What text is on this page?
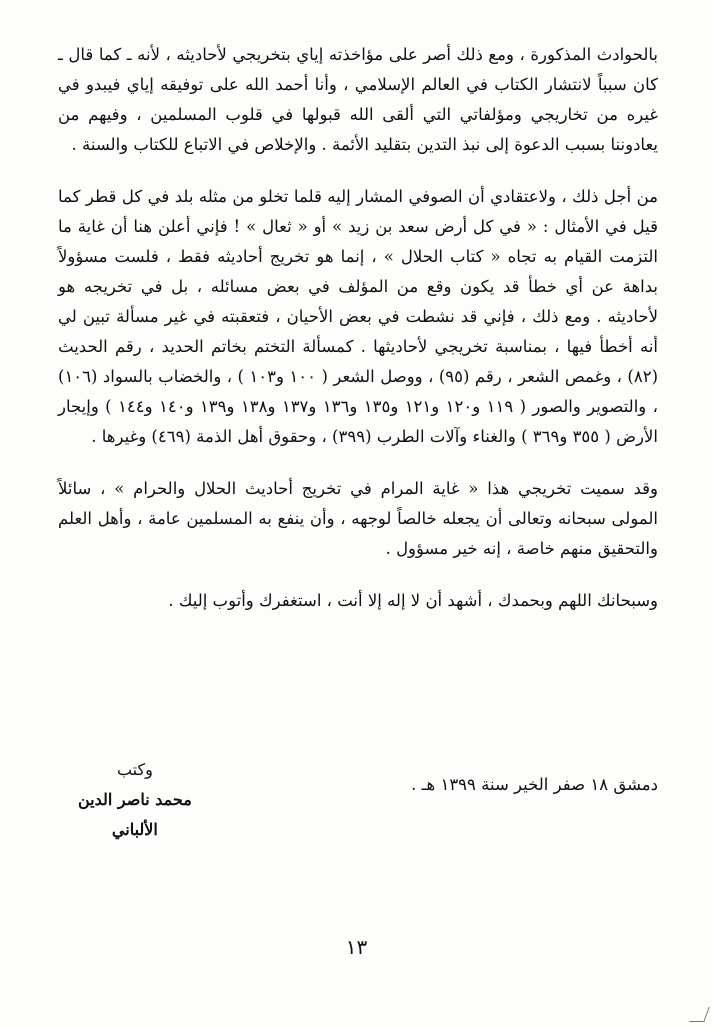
بالحوادث المذكورة ، ومع ذلك أصر على مؤاخذته إياي بتخريجي لأحاديثه ، لأنه ـ كما قال ـ كان سبباً لانتشار الكتاب في العالم الإسلامي ، وأنا أحمد الله على توفيقه إياي فيبدو في غيره من تخاريجي ومؤلفاتي التي ألقى الله قبولها في قلوب المسلمين ، وفيهم من يعادوننا بسبب الدعوة إلى نبذ التدين بتقليد الأئمة . والإخلاص في الاتباع للكتاب والسنة .

من أجل ذلك ، ولاعتقادي أن الصوفي المشار إليه قلما تخلو من مثله بلد في كل قطر كما قيل في الأمثال : « في كل أرض سعد بن زيد » أو « ثعال » ! فإني أعلن هنا أن غاية ما التزمت القيام به تجاه « كتاب الحلال » ، إنما هو تخريج أحاديثه فقط ، فلست مسؤولاً بداهة عن أي خطأ قد يكون وقع من المؤلف في بعض مسائله ، بل في تخريجه هو لأحاديثه . ومع ذلك ، فإني قد نشطت في بعض الأحيان ، فتعقبته في غير مسألة تبين لي أنه أخطأ فيها ، بمناسبة تخريجي لأحاديثها . كمسألة التختم بخاتم الحديد ، رقم الحديث (٨٢) ، وغمص الشعر ، رقم (٩٥) ، ووصل الشعر ( ١٠٠ و١٠٣ ) ، والخضاب بالسواد (١٠٦) ، والتصوير والصور ( ١١٩ و١٢٠ و١٢١ و١٣٥ و١٣٦ و١٣٧ و١٣٨ و١٣٩ و١٤٠ و١٤٤ ) وإيجار الأرض ( ٣٥٥ و٣٦٩ ) والغناء وآلات الطرب (٣٩٩) ، وحقوق أهل الذمة (٤٦٩) وغيرها .

وقد سميت تخريجي هذا « غاية المرام في تخريج أحاديث الحلال والحرام » ، سائلاً المولى سبحانه وتعالى أن يجعله خالصاً لوجهه ، وأن ينفع به المسلمين عامة ، وأهل العلم والتحقيق منهم خاصة ، إنه خير مسؤول .

وسبحانك اللهم وبحمدك ، أشهد أن لا إله إلا أنت ، استغفرك وأتوب إليك .

دمشق ١٨ صفر الخير سنة ١٣٩٩ هـ .
وكتب
محمد ناصر الدين
الألباني
١٣
